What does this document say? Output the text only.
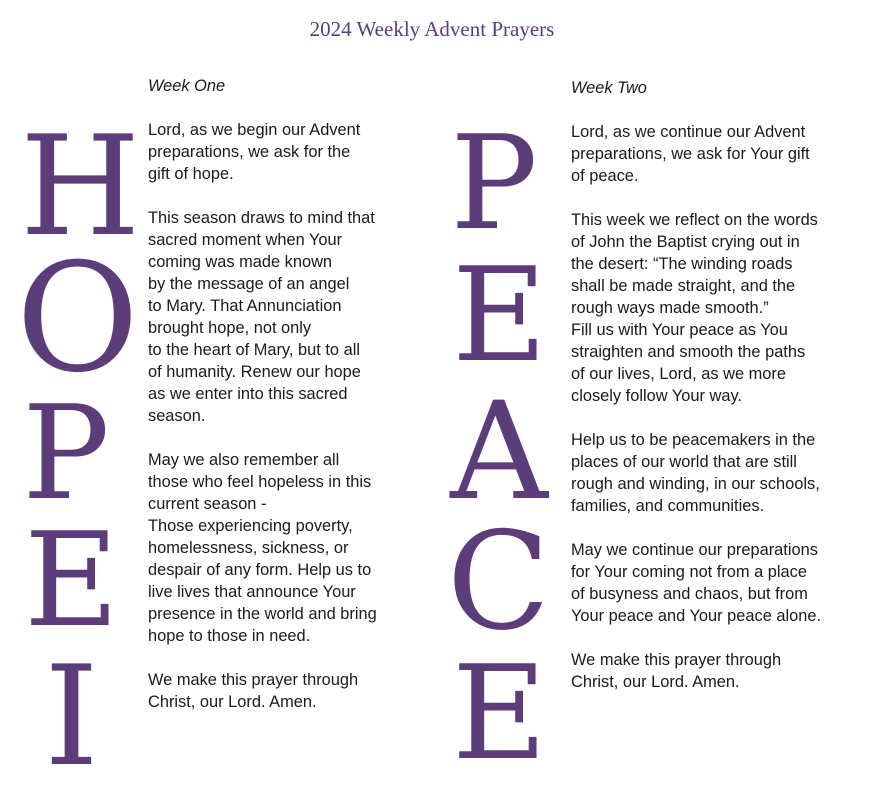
2024 Weekly Advent Prayers
H
O
P
E
I
P
E
A
C
E
Week One

Lord, as we begin our Advent
preparations, we ask for the
gift of hope.

This season draws to mind that
sacred moment when Your
coming was made known
by the message of an angel
to Mary. That Annunciation
brought hope, not only
to the heart of Mary, but to all
of humanity. Renew our hope
as we enter into this sacred
season.

May we also remember all
those who feel hopeless in this
current season -
Those experiencing poverty,
homelessness, sickness, or
despair of any form. Help us to
live lives that announce Your
presence in the world and bring
hope to those in need.

We make this prayer through
Christ, our Lord. Amen.

Week Two

Lord, as we continue our Advent
preparations, we ask for Your gift
of peace.

This week we reflect on the words
of John the Baptist crying out in
the desert: “The winding roads
shall be made straight, and the
rough ways made smooth.”
Fill us with Your peace as You
straighten and smooth the paths
of our lives, Lord, as we more
closely follow Your way.

Help us to be peacemakers in the
places of our world that are still
rough and winding, in our schools,
families, and communities.

May we continue our preparations
for Your coming not from a place
of busyness and chaos, but from
Your peace and Your peace alone.

We make this prayer through
Christ, our Lord. Amen.
